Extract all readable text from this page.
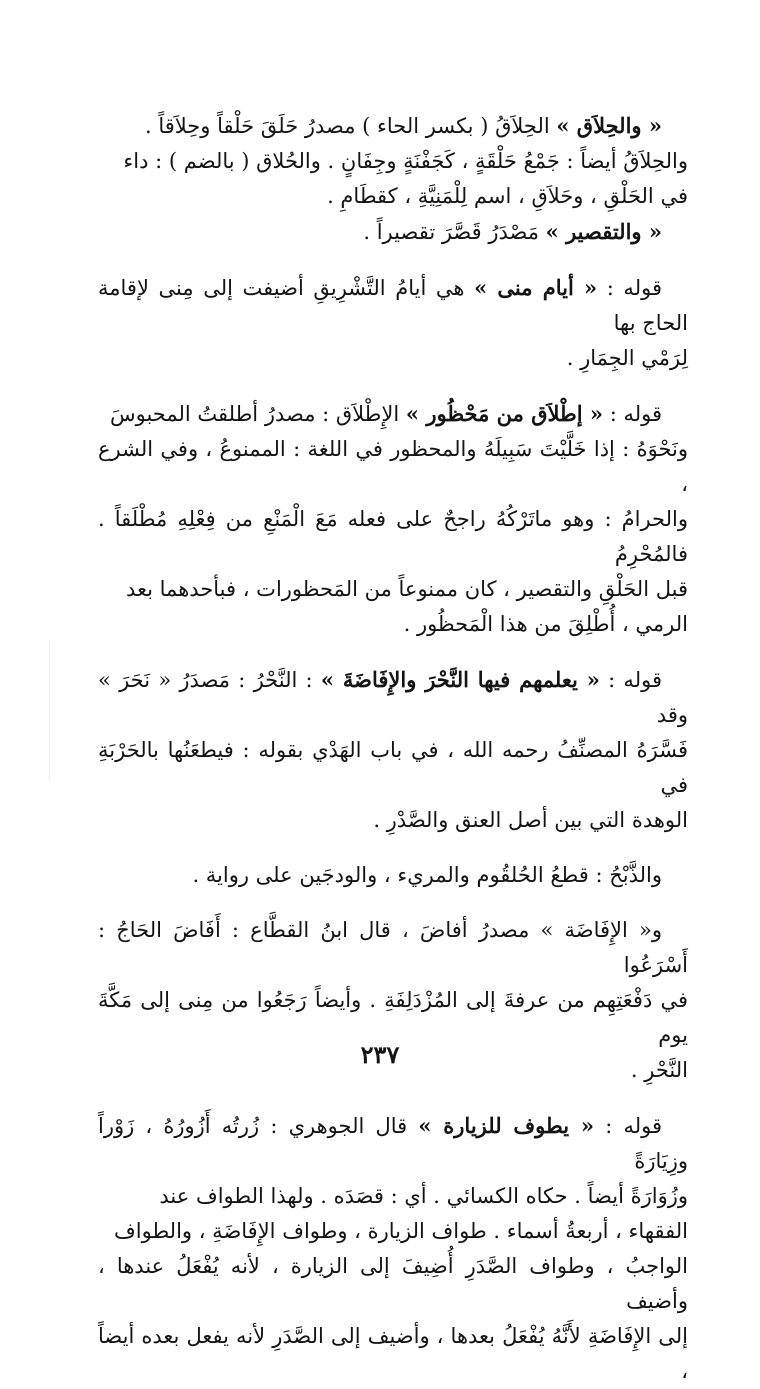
« والحِلاَق » الحِلاَقُ ( بكسر الحاء ) مصدرُ حَلَقَ حَلْقاً وحِلاَقاً .
والحِلاَقُ أيضاً : جَمْعُ حَلْقَةٍ ، كَجَفْنَةٍ وجِفَانٍ . والحُلاق ( بالضم ) : داء
في الحَلْقِ ، وحَلاَقِ ، اسم لِلْمَنِيَّةِ ، كقطَامِ .
« والتقصير » مَصْدَرُ قَصَّرَ تقصيراً .
قوله : « أيام منى » هي أيامُ التَّشْرِيقِ أضيفت إلى مِنى لإقامة الحاج بها
لِرَمْي الجِمَارِ .
قوله : « إطْلاَق من مَحْظُور » الإِطْلاَق : مصدرُ أطلقتُ المحبوسَ
ونَحْوَهُ : إذا خَلَّيْتَ سَبِيلَهُ والمحظور في اللغة : الممنوعُ ، وفي الشرع ،
والحرامُ : وهو ماتَرْكُهُ راجحٌ على فعله مَعَ الْمَنْعِ من فِعْلِهِ مُطْلَقاً . فالمُحْرِمُ
قبل الحَلْقِ والتقصير ، كان ممنوعاً من المَحظورات ، فبأحدهما بعد
الرمي ، أُطْلِقَ من هذا الْمَحظُور .
قوله : « يعلمهم فيها النَّحْرَ والإِفَاضَةَ » : النَّحْرُ : مَصدَرُ « نَحَرَ » وقد
فَسَّرَهُ المصنِّفُ رحمه الله ، في باب الهَدْي بقوله : فيطعَنُها بالحَرْبَةِ في
الوهدة التي بين أصل العنق والصَّدْرِ .
والذَّبْحُ : قطعُ الحُلقُوم والمريء ، والودجَين على رواية .
و« الإِفَاضَة » مصدرُ أفاضَ ، قال ابنُ القطَّاع : أَفَاضَ الحَاجُ : أَسْرَعُوا
في دَفْعَتِهِم من عرفةَ إلى المُزْدَلِفَةِ . وأيضاً رَجَعُوا من مِنى إلى مَكَّةَ يوم
النَّحْرِ .
قوله : « يطوف للزيارة » قال الجوهري : زُرتُه أَزُورُهُ ، زَوْراً وزِيَارَةً
وزُوَارَةً أيضاً . حكاه الكسائي . أي : قصَدَه . ولهذا الطواف عند
الفقهاء ، أربعةُ أسماء . طواف الزيارة ، وطواف الإِفَاضَةِ ، والطواف
الواجبُ ، وطواف الصَّدَرِ أُضِيفَ إلى الزيارة ، لأنه يُفْعَلُ عندها ، وأضيف
إلى الإِفَاضَةِ لأَنَّهُ يُفْعَلُ بعدها ، وأضيف إلى الصَّدَرِ لأنه يفعل بعده أيضاً ،
٢٣٧
